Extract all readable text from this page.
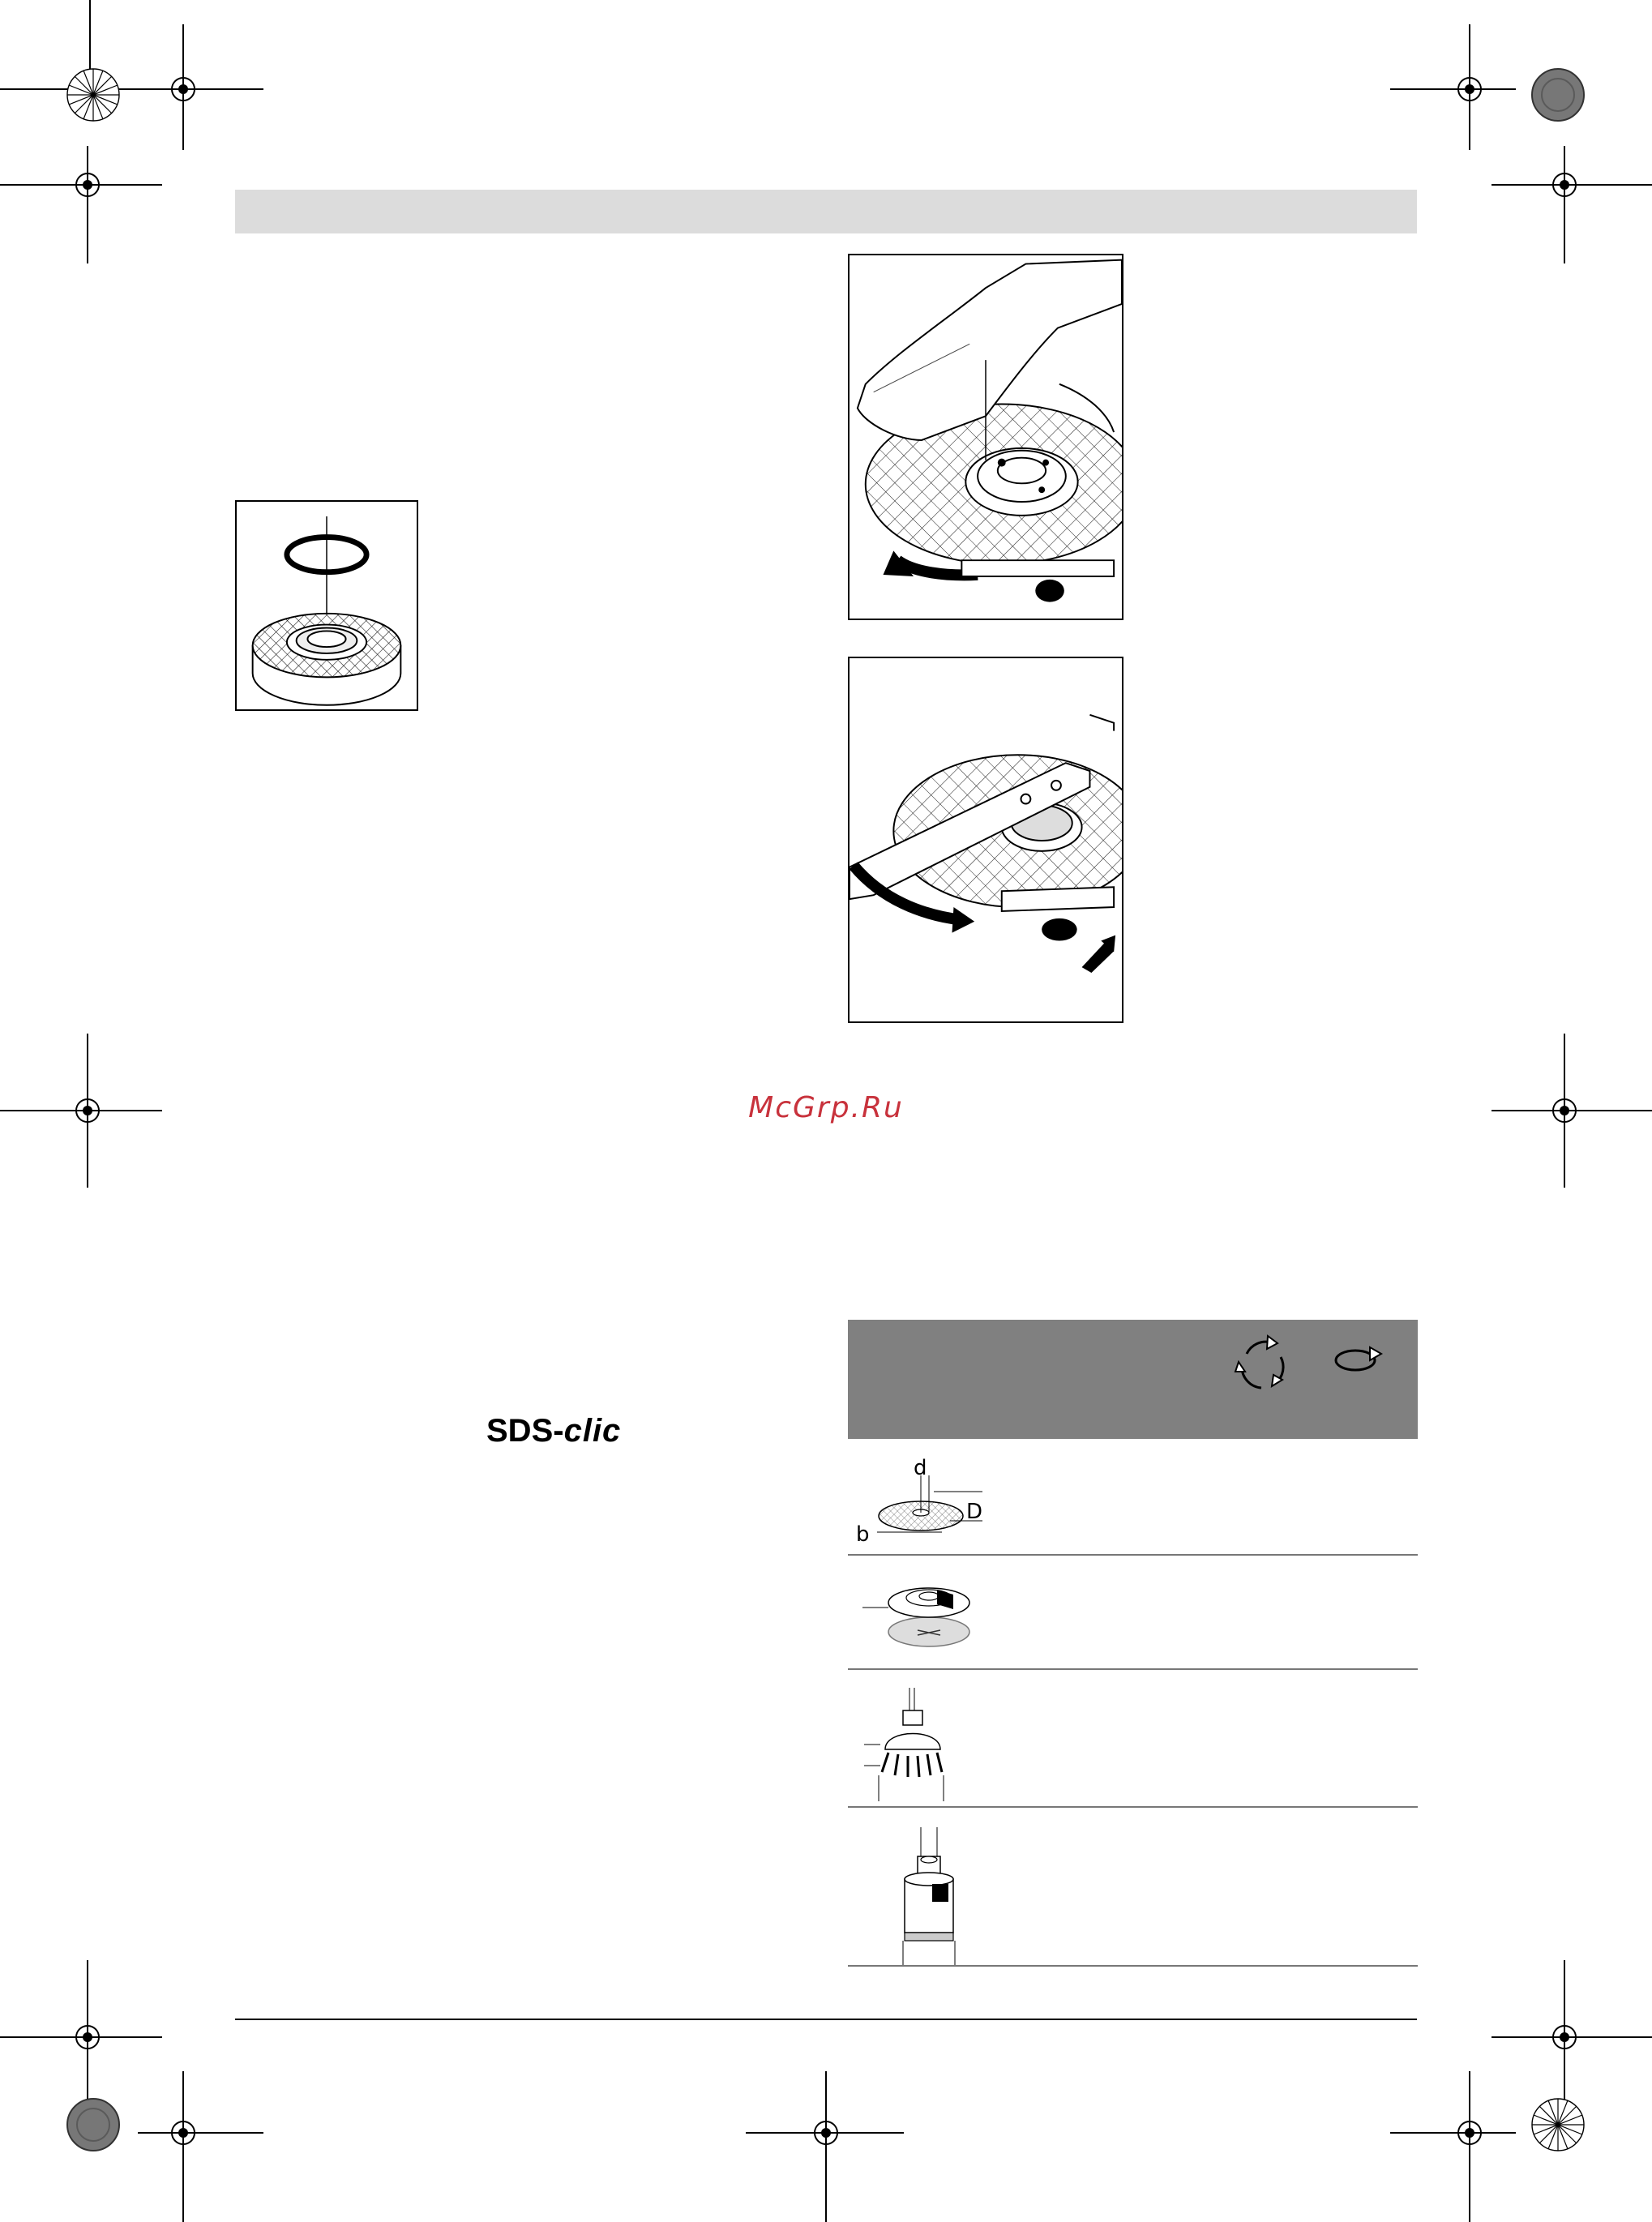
McGrp.Ru
SDS-clic
d
D
b
